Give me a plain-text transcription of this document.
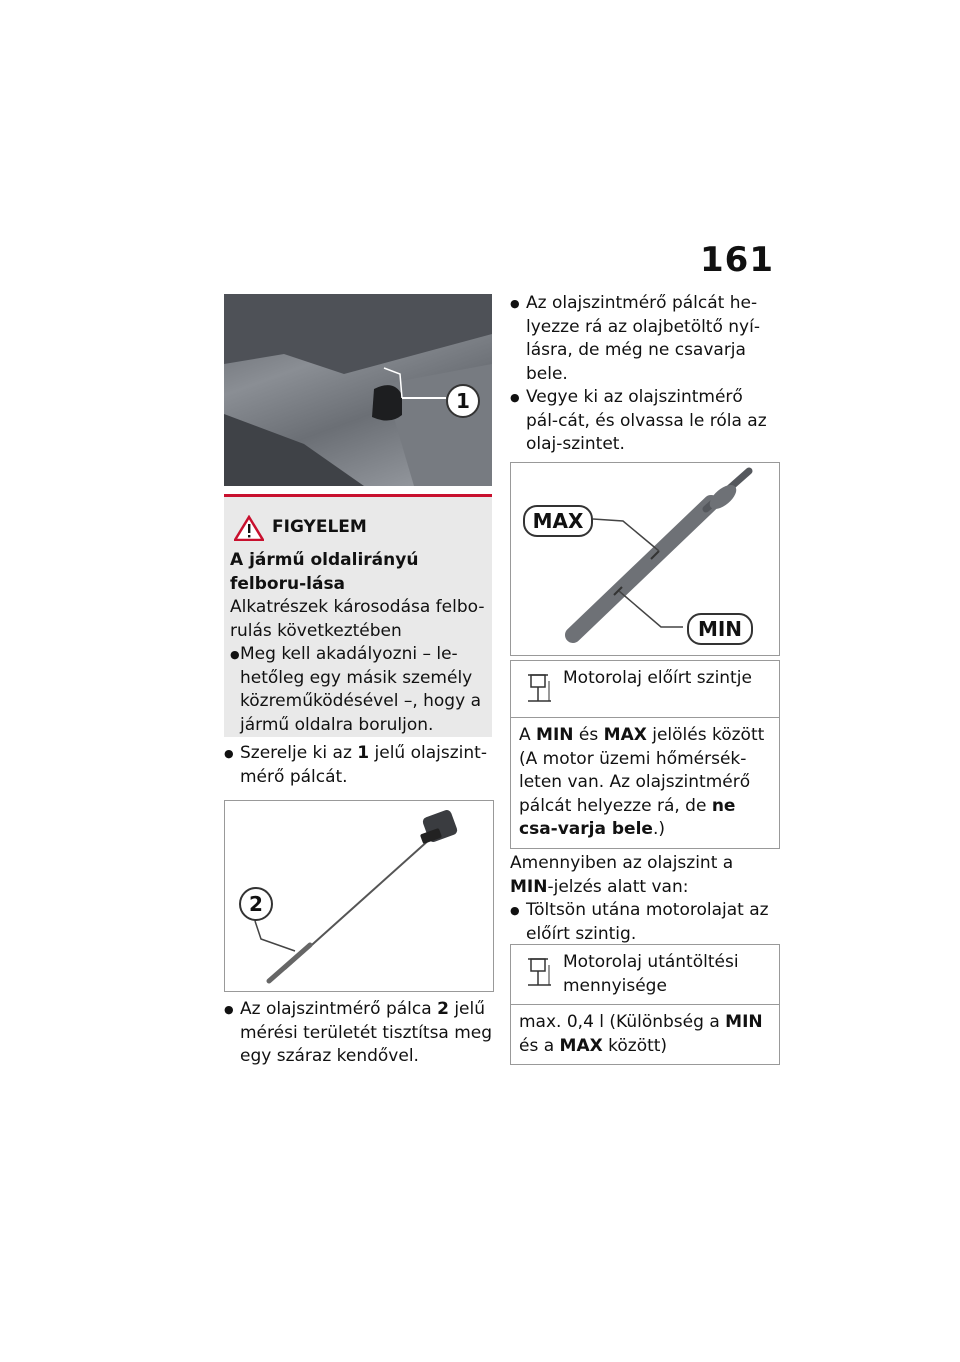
161
1
FIGYELEM
A jármű oldalirányú felboru-lása
Alkatrészek károsodása felbo-rulás következtében
● Meg kell akadályozni – le-hetőleg egy másik személy közreműködésével –, hogy a jármű oldalra boruljon.
● Szerelje ki az 1 jelű olajszint-mérő pálcát.
2
● Az olajszintmérő pálca 2 jelű mérési területét tisztítsa meg egy száraz kendővel.
● Az olajszintmérő pálcát he-lyezze rá az olajbetöltő nyí-lásra, de még ne csavarja bele.
● Vegye ki az olajszintmérő pál-cát, és olvassa le róla az olaj-szintet.
MAX
MIN
Motorolaj előírt szintje
A MIN és MAX jelölés között (A motor üzemi hőmérsék-leten van. Az olajszintmérő pálcát helyezze rá, de ne csa-varja bele.)
Amennyiben az olajszint a MIN-jelzés alatt van:
● Töltsön utána motorolajat az előírt szintig.
Motorolaj utántöltési mennyisége
max. 0,4 l (Különbség a MIN és a MAX között)
